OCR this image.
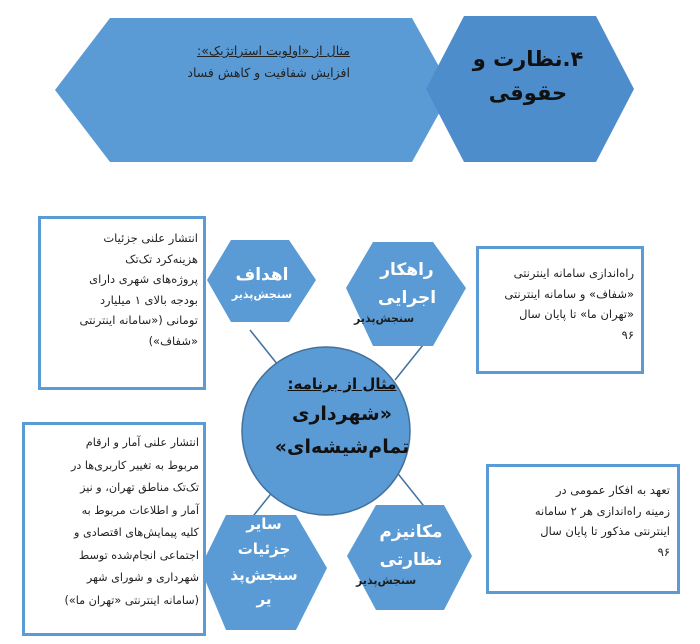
۴.نظارت و
حقوقی
مثال از «اولویت استراتژیک»:
افزایش شفافیت و کاهش فساد
انتشار علنی جزئیات
هزینه‌کرد تک‌تک
پروژه‌های شهری دارای
بودجه بالای ۱ میلیارد
تومانی («سامانه اینترنتی
«شفاف»)
راه‌اندازی سامانه اینترنتی
«شفاف» و سامانه اینترنتی
«تهران ما» تا پایان سال
۹۶
انتشار علنی آمار و ارقام
مربوط به تغییر کاربری‌ها در
تک‌تک مناطق تهران، و نیز
آمار و اطلاعات مربوط به
کلیه پیمایش‌های اقتصادی و
اجتماعی انجام‌شده توسط
شهرداری و شورای شهر
(سامانه اینترنتی «تهران ما»)
تعهد به افکار عمومی در
زمینه راه‌اندازی هر ۲ سامانه
اینترنتی مذکور تا پایان سال
۹۶
اهداف
سنجش‌پذیر
راهکار
اجرایی
سنجش‌پذیر
سایر
جزئیات
سنجش‌پذ
یر
مکانیزم
نظارتی
سنجش‌پذیر
مثال از برنامه:
«شهرداری
تمام‌شیشه‌ای»
